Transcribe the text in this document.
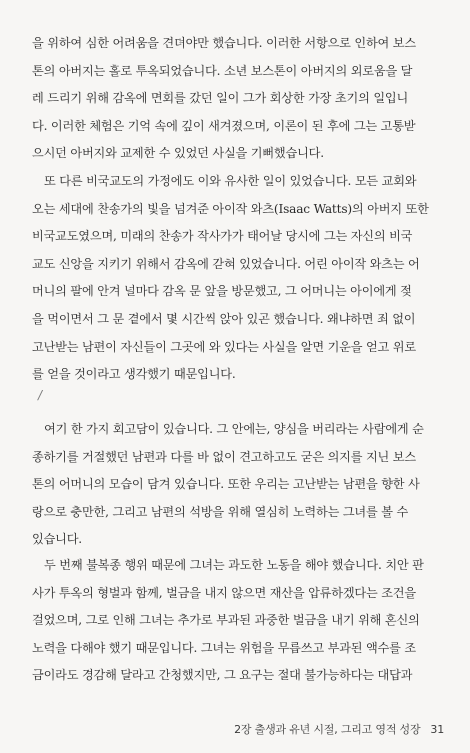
을 위하여 심한 어려움을 견뎌야만 했습니다. 이러한 서항으로 인하여 보스
톤의 아버지는 홀로 투옥되었습니다. 소년 보스톤이 아버지의 외로움을 달
레 드리기 위해 감옥에 면회를 갔던 일이 그가 회상한 가장 초기의 일입니
다. 이러한 체험은 기억 속에 깊이 새겨졌으며, 이론이 된 후에 그는 고통받
으시던 아버지와 교제한 수 있었던 사실을 기뻐했습니다.

또 다른 비국교도의 가정에도 이와 유사한 일이 있었습니다. 모든 교회와
오는 세대에 찬송가의 빛을 넘겨준 아이작 와츠(Isaac Watts)의 아버지 또한
비국교도였으며, 미래의 찬송가 작사가가 태어날 당시에 그는 자신의 비국
교도 신앙을 지키기 위해서 감옥에 갇혀 있었습니다. 어린 아이작 와츠는 어
머니의 팔에 안겨 널마다 감옥 문 앞을 방문했고, 그 어머니는 아이에게 젖
을 먹이면서 그 문 곁에서 몇 시간씩 앉아 있곤 했습니다. 왜냐하면 죄 없이
고난받는 남편이 자신들이 그곳에 와 있다는 사실을 알면 기운을 얻고 위로
를 얻을 것이라고 생각했기 때문입니다.

/

여기 한 가지 회고담이 있습니다. 그 안에는, 양심을 버리라는 사람에게 순
종하기를 거절했던 남편과 다를 바 없이 견고하고도 굳은 의지를 지닌 보스
톤의 어머니의 모습이 담겨 있습니다. 또한 우리는 고난받는 남편을 향한 사
랑으로 충만한, 그리고 남편의 석방을 위해 열심히 노력하는 그녀를 볼 수
있습니다.

두 번째 불복종 행위 때문에 그녀는 과도한 노동을 해야 했습니다. 치안 판
사가 투옥의 형벌과 함께, 벌금을 내지 않으면 재산을 압류하겠다는 조건을
걸었으며, 그로 인해 그녀는 추가로 부과된 과중한 벌금을 내기 위해 혼신의
노력을 다해야 했기 때문입니다. 그녀는 위험을 무릅쓰고 부과된 액수를 조
금이라도 경감해 달라고 간청했지만, 그 요구는 절대 불가능하다는 대답과

2장 출생과 유년 시절, 그리고 영적 성장 31
